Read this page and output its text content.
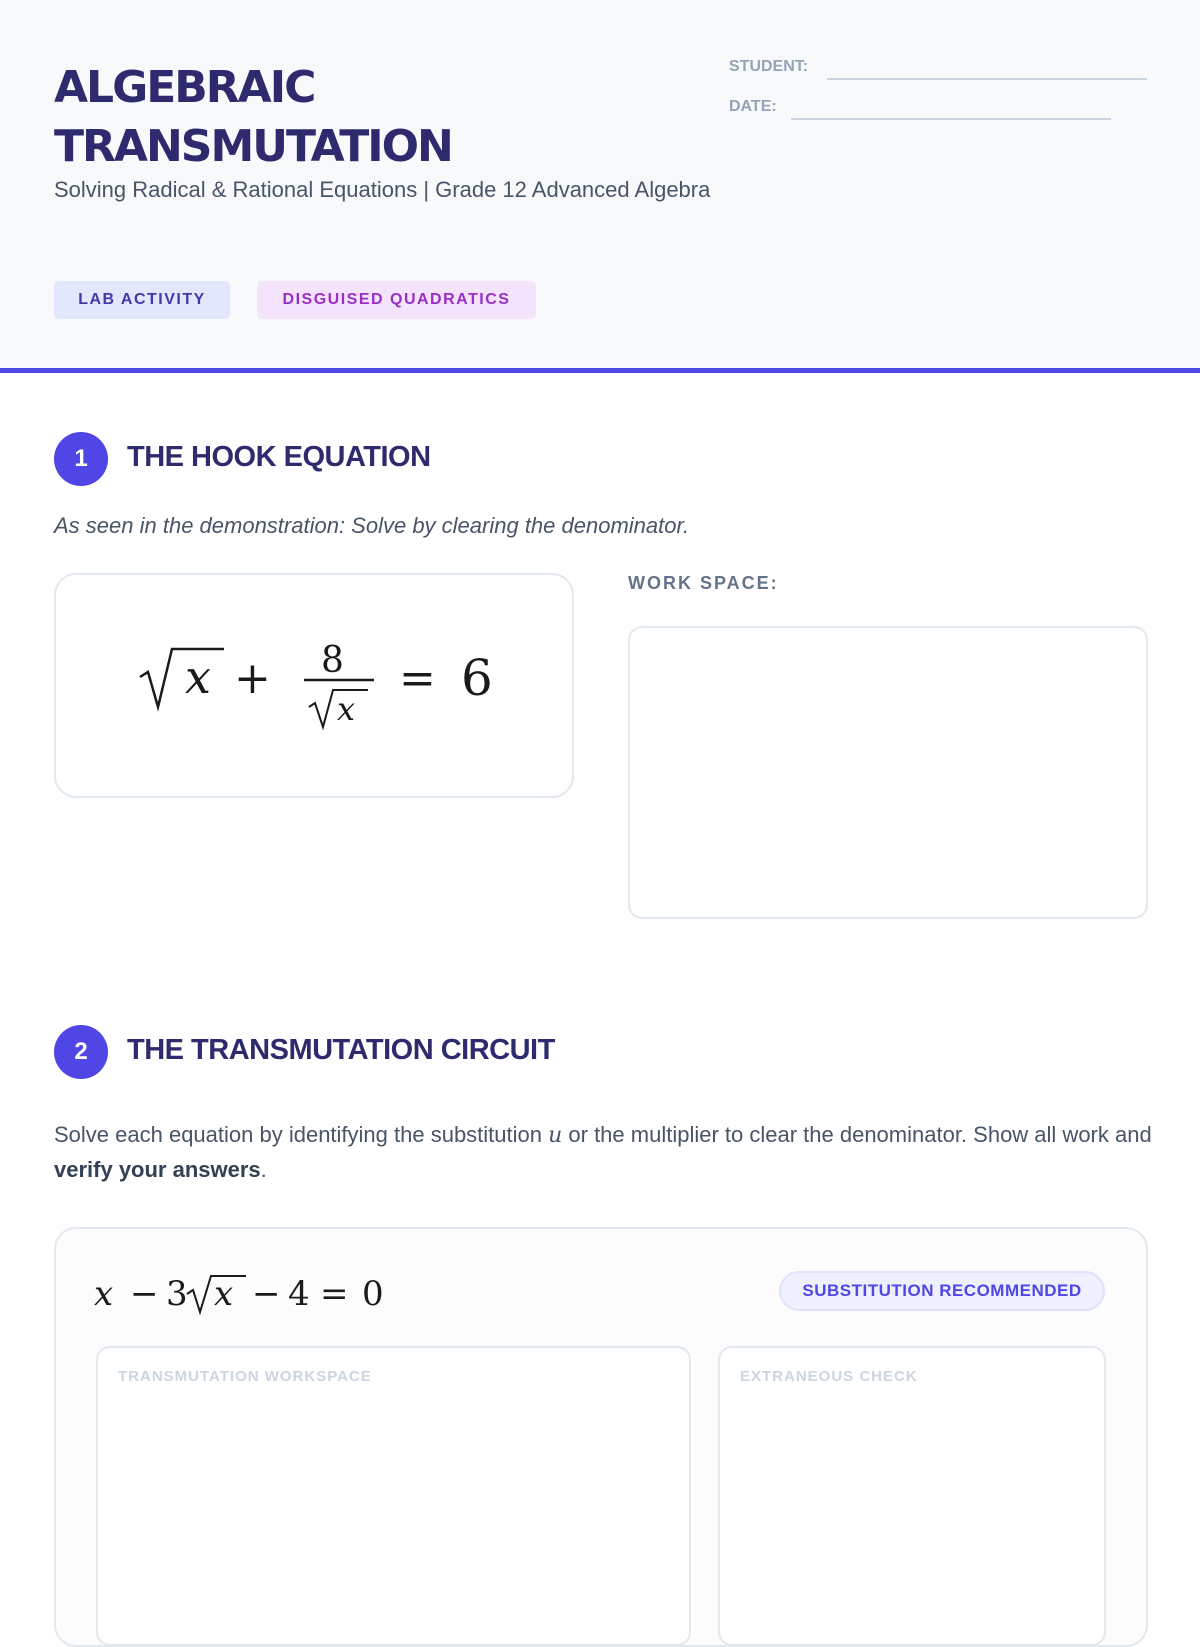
ALGEBRAIC TRANSMUTATION
Solving Radical & Rational Equations | Grade 12 Advanced Algebra
LAB ACTIVITY	DISGUISED QUADRATICS
STUDENT:
DATE:
1	THE HOOK EQUATION
As seen in the demonstration: Solve by clearing the denominator.
x + 8
x
= 6
WORK SPACE:
2	THE TRANSMUTATION CIRCUIT
Solve each equation by identifying the substitution u or the multiplier to clear the denominator. Show all work and verify your answers.
x − 3 x − 4 = 0	SUBSTITUTION RECOMMENDED
TRANSMUTATION WORKSPACE	EXTRANEOUS CHECK
